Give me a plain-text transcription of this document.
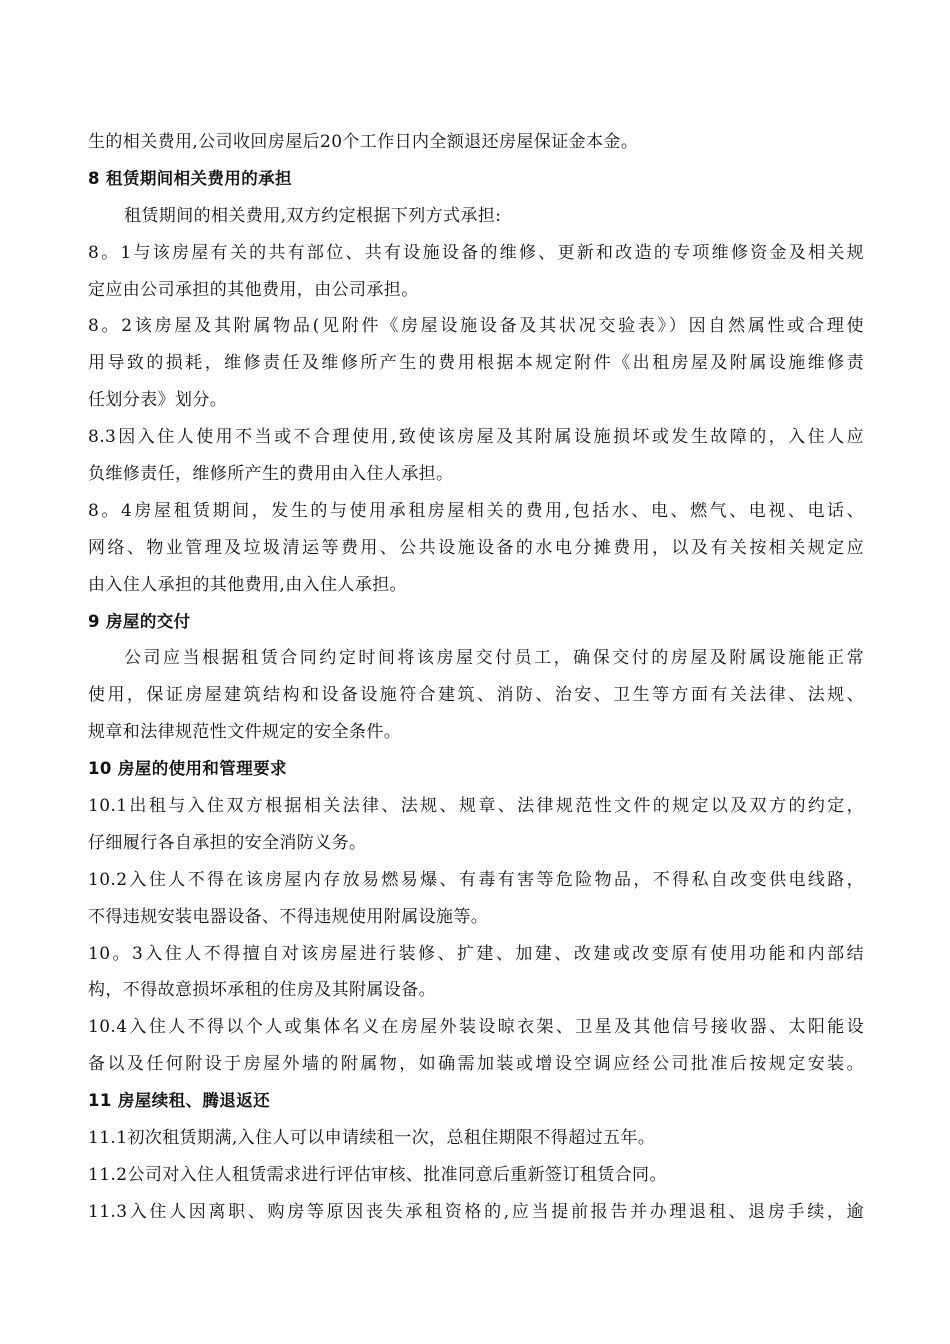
生的相关费用,公司收回房屋后20个工作日内全额退还房屋保证金本金。
8 租赁期间相关费用的承担
租赁期间的相关费用,双方约定根据下列方式承担:
8。1与该房屋有关的共有部位、共有设施设备的维修、更新和改造的专项维修资金及相关规
定应由公司承担的其他费用，由公司承担。
8。2该房屋及其附属物品(见附件《房屋设施设备及其状况交验表》）因自然属性或合理使
用导致的损耗，维修责任及维修所产生的费用根据本规定附件《出租房屋及附属设施维修责
任划分表》划分。
8.3因入住人使用不当或不合理使用,致使该房屋及其附属设施损坏或发生故障的，入住人应
负维修责任，维修所产生的费用由入住人承担。
8。4房屋租赁期间，发生的与使用承租房屋相关的费用,包括水、电、燃气、电视、电话、
网络、物业管理及垃圾清运等费用、公共设施设备的水电分摊费用，以及有关按相关规定应
由入住人承担的其他费用,由入住人承担。
9 房屋的交付
公司应当根据租赁合同约定时间将该房屋交付员工，确保交付的房屋及附属设施能正常
使用，保证房屋建筑结构和设备设施符合建筑、消防、治安、卫生等方面有关法律、法规、
规章和法律规范性文件规定的安全条件。
10 房屋的使用和管理要求
10.1出租与入住双方根据相关法律、法规、规章、法律规范性文件的规定以及双方的约定，
仔细履行各自承担的安全消防义务。
10.2入住人不得在该房屋内存放易燃易爆、有毒有害等危险物品，不得私自改变供电线路，
不得违规安装电器设备、不得违规使用附属设施等。
10。3入住人不得擅自对该房屋进行装修、扩建、加建、改建或改变原有使用功能和内部结
构，不得故意损坏承租的住房及其附属设备。
10.4入住人不得以个人或集体名义在房屋外装设晾衣架、卫星及其他信号接收器、太阳能设
备以及任何附设于房屋外墙的附属物，如确需加装或增设空调应经公司批准后按规定安装。
11 房屋续租、腾退返还
11.1初次租赁期满,入住人可以申请续租一次，总租住期限不得超过五年。
11.2公司对入住人租赁需求进行评估审核、批准同意后重新签订租赁合同。
11.3入住人因离职、购房等原因丧失承租资格的,应当提前报告并办理退租、退房手续，逾
